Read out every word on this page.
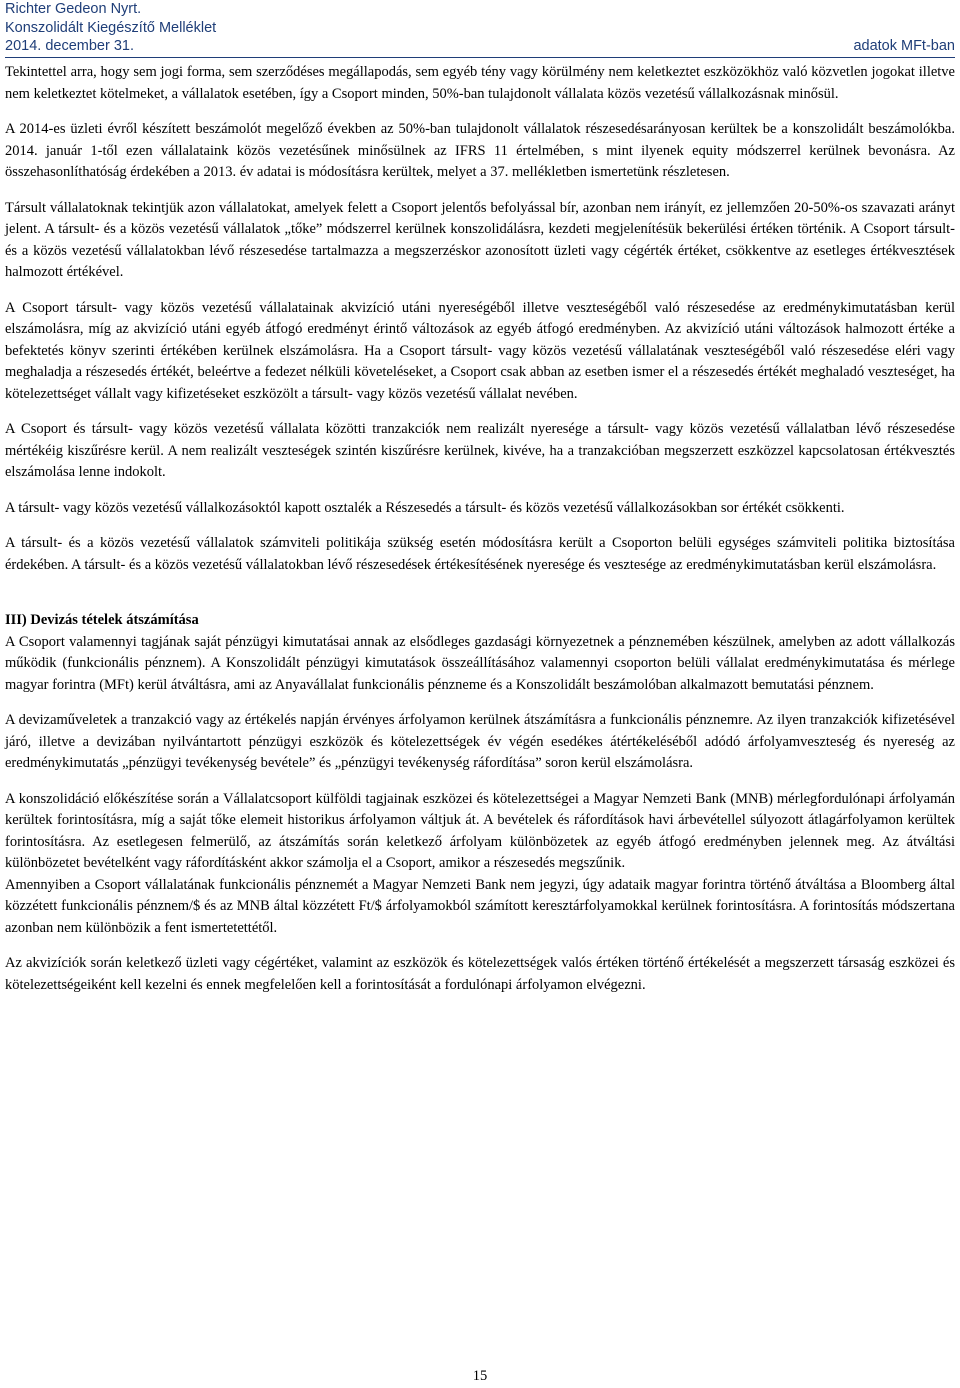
Richter Gedeon Nyrt.
Konszolidált Kiegészítő Melléklet
2014. december 31.	adatok MFt-ban

Tekintettel arra, hogy sem jogi forma, sem szerződéses megállapodás, sem egyéb tény vagy körülmény nem keletkeztet eszközökhöz való közvetlen jogokat illetve nem keletkeztet kötelmeket, a vállalatok esetében, így a Csoport minden, 50%-ban tulajdonolt vállalata közös vezetésű vállalkozásnak minősül.

A 2014-es üzleti évről készített beszámolót megelőző években az 50%-ban tulajdonolt vállalatok részesedésarányosan kerültek be a konszolidált beszámolókba. 2014. január 1-től ezen vállalataink közös vezetésűnek minősülnek az IFRS 11 értelmében, s mint ilyenek equity módszerrel kerülnek bevonásra. Az összehasonlíthatóság érdekében a 2013. év adatai is módosításra kerültek, melyet a 37. mellékletben ismertetünk részletesen.

Társult vállalatoknak tekintjük azon vállalatokat, amelyek felett a Csoport jelentős befolyással bír, azonban nem irányít, ez jellemzően 20-50%-os szavazati arányt jelent. A társult- és a közös vezetésű vállalatok „tőke” módszerrel kerülnek konszolidálásra, kezdeti megjelenítésük bekerülési értéken történik. A Csoport társult- és a közös vezetésű vállalatokban lévő részesedése tartalmazza a megszerzéskor azonosított üzleti vagy cégérték értéket, csökkentve az esetleges értékvesztések halmozott értékével.

A Csoport társult- vagy közös vezetésű vállalatainak akvizíció utáni nyereségéből illetve veszteségéből való részesedése az eredménykimutatásban kerül elszámolásra, míg az akvizíció utáni egyéb átfogó eredményt érintő változások az egyéb átfogó eredményben. Az akvizíció utáni változások halmozott értéke a befektetés könyv szerinti értékében kerülnek elszámolásra. Ha a Csoport társult- vagy közös vezetésű vállalatának veszteségéből való részesedése eléri vagy meghaladja a részesedés értékét, beleértve a fedezet nélküli követeléseket, a Csoport csak abban az esetben ismer el a részesedés értékét meghaladó veszteséget, ha kötelezettséget vállalt vagy kifizetéseket eszközölt a társult- vagy közös vezetésű vállalat nevében.

A Csoport és társult- vagy közös vezetésű vállalata közötti tranzakciók nem realizált nyeresége a társult- vagy közös vezetésű vállalatban lévő részesedése mértékéig kiszűrésre kerül. A nem realizált veszteségek szintén kiszűrésre kerülnek, kivéve, ha a tranzakcióban megszerzett eszközzel kapcsolatosan értékvesztés elszámolása lenne indokolt.

A társult- vagy közös vezetésű vállalkozásoktól kapott osztalék a Részesedés a társult- és közös vezetésű vállalkozásokban sor értékét csökkenti.

A társult- és a közös vezetésű vállalatok számviteli politikája szükség esetén módosításra került a Csoporton belüli egységes számviteli politika biztosítása érdekében. A társult- és a közös vezetésű vállalatokban lévő részesedések értékesítésének nyeresége és vesztesége az eredménykimutatásban kerül elszámolásra.

III) Devizás tételek átszámítása

A Csoport valamennyi tagjának saját pénzügyi kimutatásai annak az elsődleges gazdasági környezetnek a pénznemében készülnek, amelyben az adott vállalkozás működik (funkcionális pénznem). A Konszolidált pénzügyi kimutatások összeállításához valamennyi csoporton belüli vállalat eredménykimutatása és mérlege magyar forintra (MFt) kerül átváltásra, ami az Anyavállalat funkcionális pénzneme és a Konszolidált beszámolóban alkalmazott bemutatási pénznem.

A devizaműveletek a tranzakció vagy az értékelés napján érvényes árfolyamon kerülnek átszámításra a funkcionális pénznemre. Az ilyen tranzakciók kifizetésével járó, illetve a devizában nyilvántartott pénzügyi eszközök és kötelezettségek év végén esedékes átértékeléséből adódó árfolyamveszteség és nyereség az eredménykimutatás „pénzügyi tevékenység bevétele” és „pénzügyi tevékenység ráfordítása” soron kerül elszámolásra.

A konszolidáció előkészítése során a Vállalatcsoport külföldi tagjainak eszközei és kötelezettségei a Magyar Nemzeti Bank (MNB) mérlegfordulónapi árfolyamán kerültek forintosításra, míg a saját tőke elemeit historikus árfolyamon váltjuk át. A bevételek és ráfordítások havi árbevétellel súlyozott átlagárfolyamon kerültek forintosításra. Az esetlegesen felmerülő, az átszámítás során keletkező árfolyam különbözetek az egyéb átfogó eredményben jelennek meg. Az átváltási különbözetet bevételként vagy ráfordításként akkor számolja el a Csoport, amikor a részesedés megszűnik.

Amennyiben a Csoport vállalatának funkcionális pénznemét a Magyar Nemzeti Bank nem jegyzi, úgy adataik magyar forintra történő átváltása a Bloomberg által közzétett funkcionális pénznem/$ és az MNB által közzétett Ft/$ árfolyamokból számított keresztárfolyamokkal kerülnek forintosításra. A forintosítás módszertana azonban nem különbözik a fent ismertetettétől.

Az akvizíciók során keletkező üzleti vagy cégértéket, valamint az eszközök és kötelezettségek valós értéken történő értékelését a megszerzett társaság eszközei és kötelezettségeiként kell kezelni és ennek megfelelően kell a forintosítását a fordulónapi árfolyamon elvégezni.

15
